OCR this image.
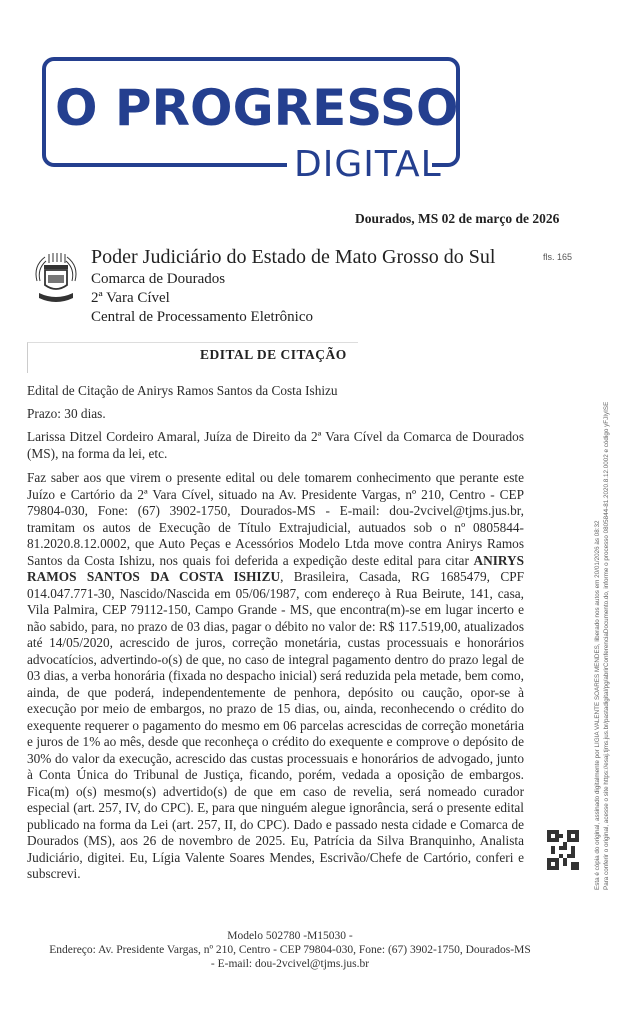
O PROGRESSO
DIGITAL
Dourados, MS 02 de março de 2026
Poder Judiciário do Estado de Mato Grosso do Sul
Comarca de Dourados
2ª Vara Cível
Central de Processamento Eletrônico
fls. 165
EDITAL DE CITAÇÃO
Edital de Citação de Anirys Ramos Santos da Costa Ishizu
Prazo: 30 dias.
Larissa Ditzel Cordeiro Amaral, Juíza de Direito da 2ª Vara Cível da Comarca de Dourados (MS), na forma da lei, etc.
Faz saber aos que virem o presente edital ou dele tomarem conhecimento que perante este Juízo e Cartório da 2ª Vara Cível, situado na Av. Presidente Vargas, nº 210, Centro - CEP 79804-030, Fone: (67) 3902-1750, Dourados-MS - E-mail: dou-2vcivel@tjms.jus.br, tramitam os autos de Execução de Título Extrajudicial, autuados sob o nº 0805844-81.2020.8.12.0002, que Auto Peças e Acessórios Modelo Ltda move contra Anirys Ramos Santos da Costa Ishizu, nos quais foi deferida a expedição deste edital para citar ANIRYS RAMOS SANTOS DA COSTA ISHIZU, Brasileira, Casada, RG 1685479, CPF 014.047.771-30, Nascido/Nascida em 05/06/1987, com endereço à Rua Beirute, 141, casa, Vila Palmira, CEP 79112-150, Campo Grande - MS, que encontra(m)-se em lugar incerto e não sabido, para, no prazo de 03 dias, pagar o débito no valor de: R$ 117.519,00, atualizados até 14/05/2020, acrescido de juros, correção monetária, custas processuais e honorários advocatícios, advertindo-o(s) de que, no caso de integral pagamento dentro do prazo legal de 03 dias, a verba honorária (fixada no despacho inicial) será reduzida pela metade, bem como, ainda, de que poderá, independentemente de penhora, depósito ou caução, opor-se à execução por meio de embargos, no prazo de 15 dias, ou, ainda, reconhecendo o crédito do exequente requerer o pagamento do mesmo em 06 parcelas acrescidas de correção monetária e juros de 1% ao mês, desde que reconheça o crédito do exequente e comprove o depósito de 30% do valor da execução, acrescido das custas processuais e honorários de advogado, junto à Conta Única do Tribunal de Justiça, ficando, porém, vedada a oposição de embargos. Fica(m) o(s) mesmo(s) advertido(s) de que em caso de revelia, será nomeado curador especial (art. 257, IV, do CPC). E, para que ninguém alegue ignorância, será o presente edital publicado na forma da Lei (art. 257, II, do CPC). Dado e passado nesta cidade e Comarca de Dourados (MS), aos 26 de novembro de 2025. Eu, Patrícia da Silva Branquinho, Analista Judiciário, digitei. Eu, Lígia Valente Soares Mendes, Escrivão/Chefe de Cartório, conferi e subscrevi.
Modelo 502780 -M15030 -
Endereço: Av. Presidente Vargas, nº 210, Centro - CEP 79804-030, Fone: (67) 3902-1750, Dourados-MS
- E-mail: dou-2vcivel@tjms.jus.br
Esta é cópia do original, assinado digitalmente por LIGIA VALENTE SOARES MENDES, liberado nos autos em 20/01/2026 às 08:32 Para conferir o original, acesse o site https://esaj.tjms.jus.br/pastadigital/pg/abrirConferenciaDocumento.do, informe o processo 0805844-81.2020.8.12.0002 e código yFJIyISE
